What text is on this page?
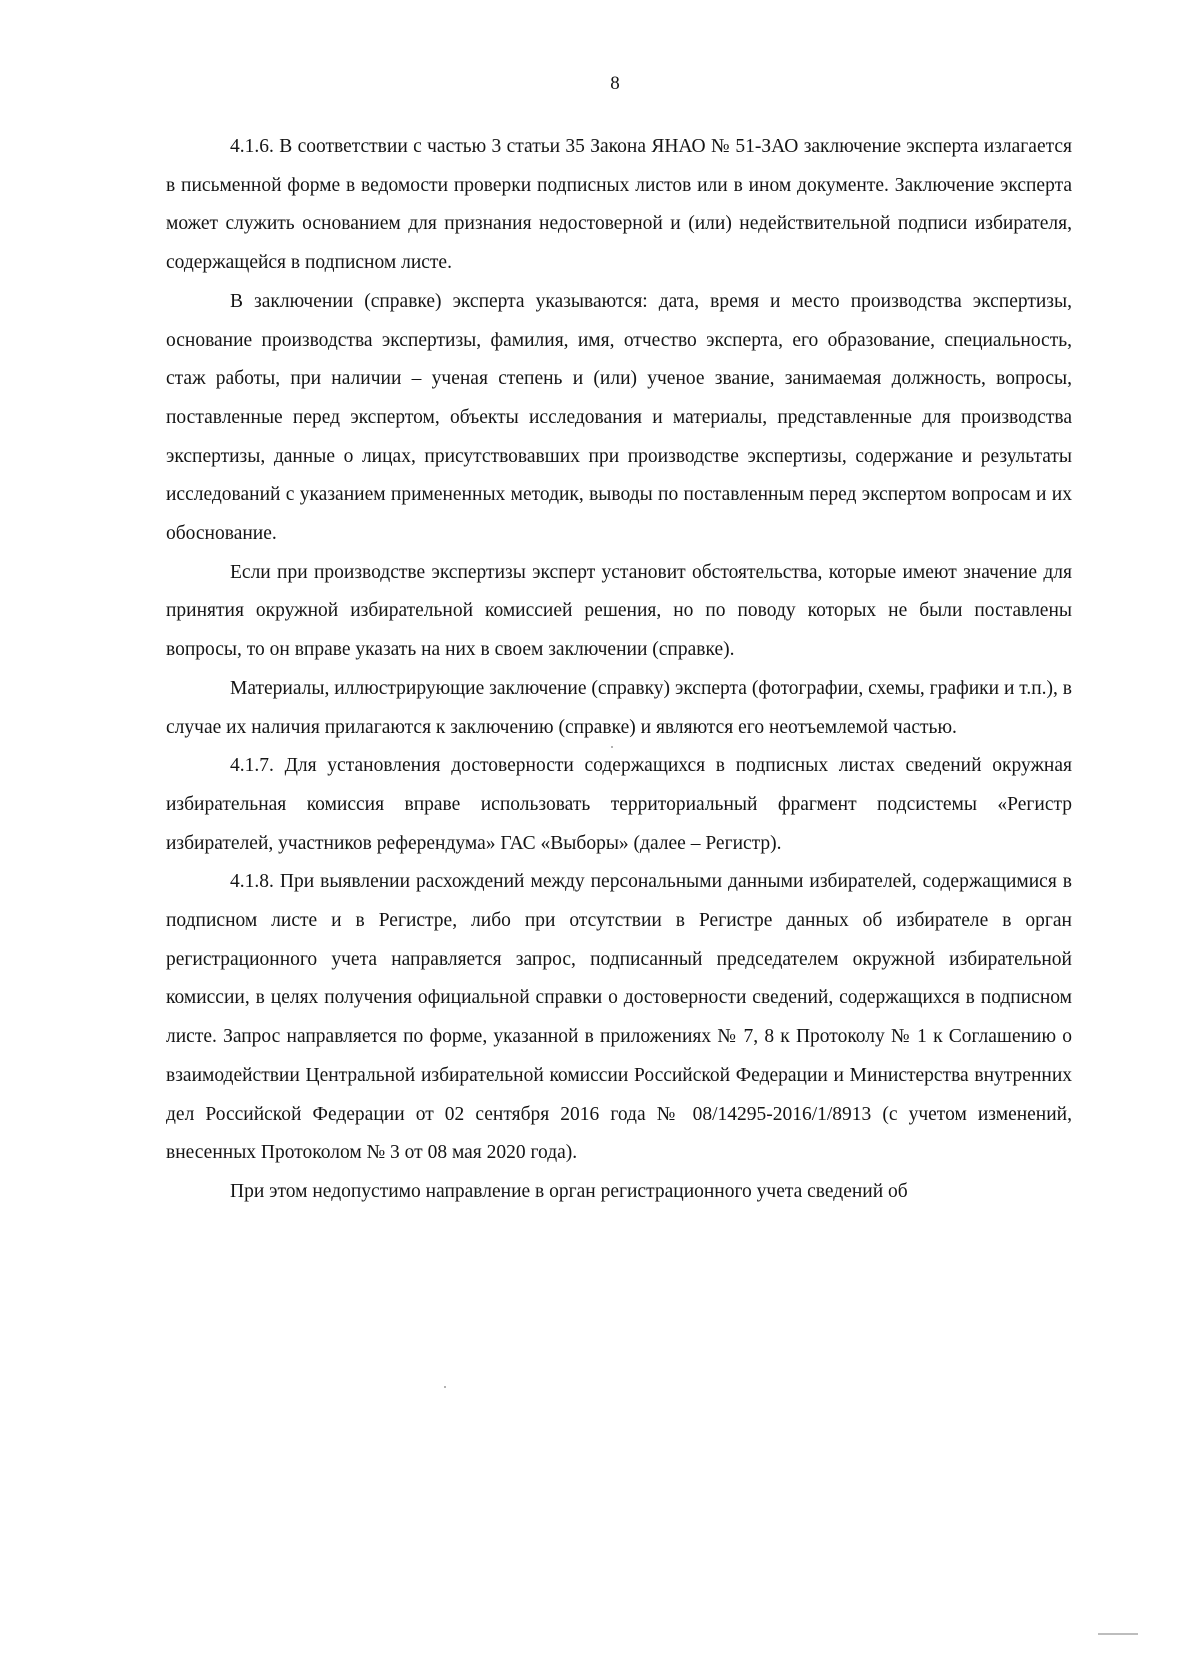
8

4.1.6. В соответствии с частью 3 статьи 35 Закона ЯНАО № 51-ЗАО заключение эксперта излагается в письменной форме в ведомости проверки подписных листов или в ином документе. Заключение эксперта может служить основанием для признания недостоверной и (или) недействительной подписи избирателя, содержащейся в подписном листе.

В заключении (справке) эксперта указываются: дата, время и место производства экспертизы, основание производства экспертизы, фамилия, имя, отчество эксперта, его образование, специальность, стаж работы, при наличии – ученая степень и (или) ученое звание, занимаемая должность, вопросы, поставленные перед экспертом, объекты исследования и материалы, представленные для производства экспертизы, данные о лицах, присутствовавших при производстве экспертизы, содержание и результаты исследований с указанием примененных методик, выводы по поставленным перед экспертом вопросам и их обоснование.

Если при производстве экспертизы эксперт установит обстоятельства, которые имеют значение для принятия окружной избирательной комиссией решения, но по поводу которых не были поставлены вопросы, то он вправе указать на них в своем заключении (справке).

Материалы, иллюстрирующие заключение (справку) эксперта (фотографии, схемы, графики и т.п.), в случае их наличия прилагаются к заключению (справке) и являются его неотъемлемой частью.

4.1.7. Для установления достоверности содержащихся в подписных листах сведений окружная избирательная комиссия вправе использовать территориальный фрагмент подсистемы «Регистр избирателей, участников референдума» ГАС «Выборы» (далее – Регистр).

4.1.8. При выявлении расхождений между персональными данными избирателей, содержащимися в подписном листе и в Регистре, либо при отсутствии в Регистре данных об избирателе в орган регистрационного учета направляется запрос, подписанный председателем окружной избирательной комиссии, в целях получения официальной справки о достоверности сведений, содержащихся в подписном листе. Запрос направляется по форме, указанной в приложениях № 7, 8 к Протоколу № 1 к Соглашению о взаимодействии Центральной избирательной комиссии Российской Федерации и Министерства внутренних дел Российской Федерации от 02 сентября 2016 года № 08/14295-2016/1/8913 (с учетом изменений, внесенных Протоколом № 3 от 08 мая 2020 года).

При этом недопустимо направление в орган регистрационного учета сведений об
